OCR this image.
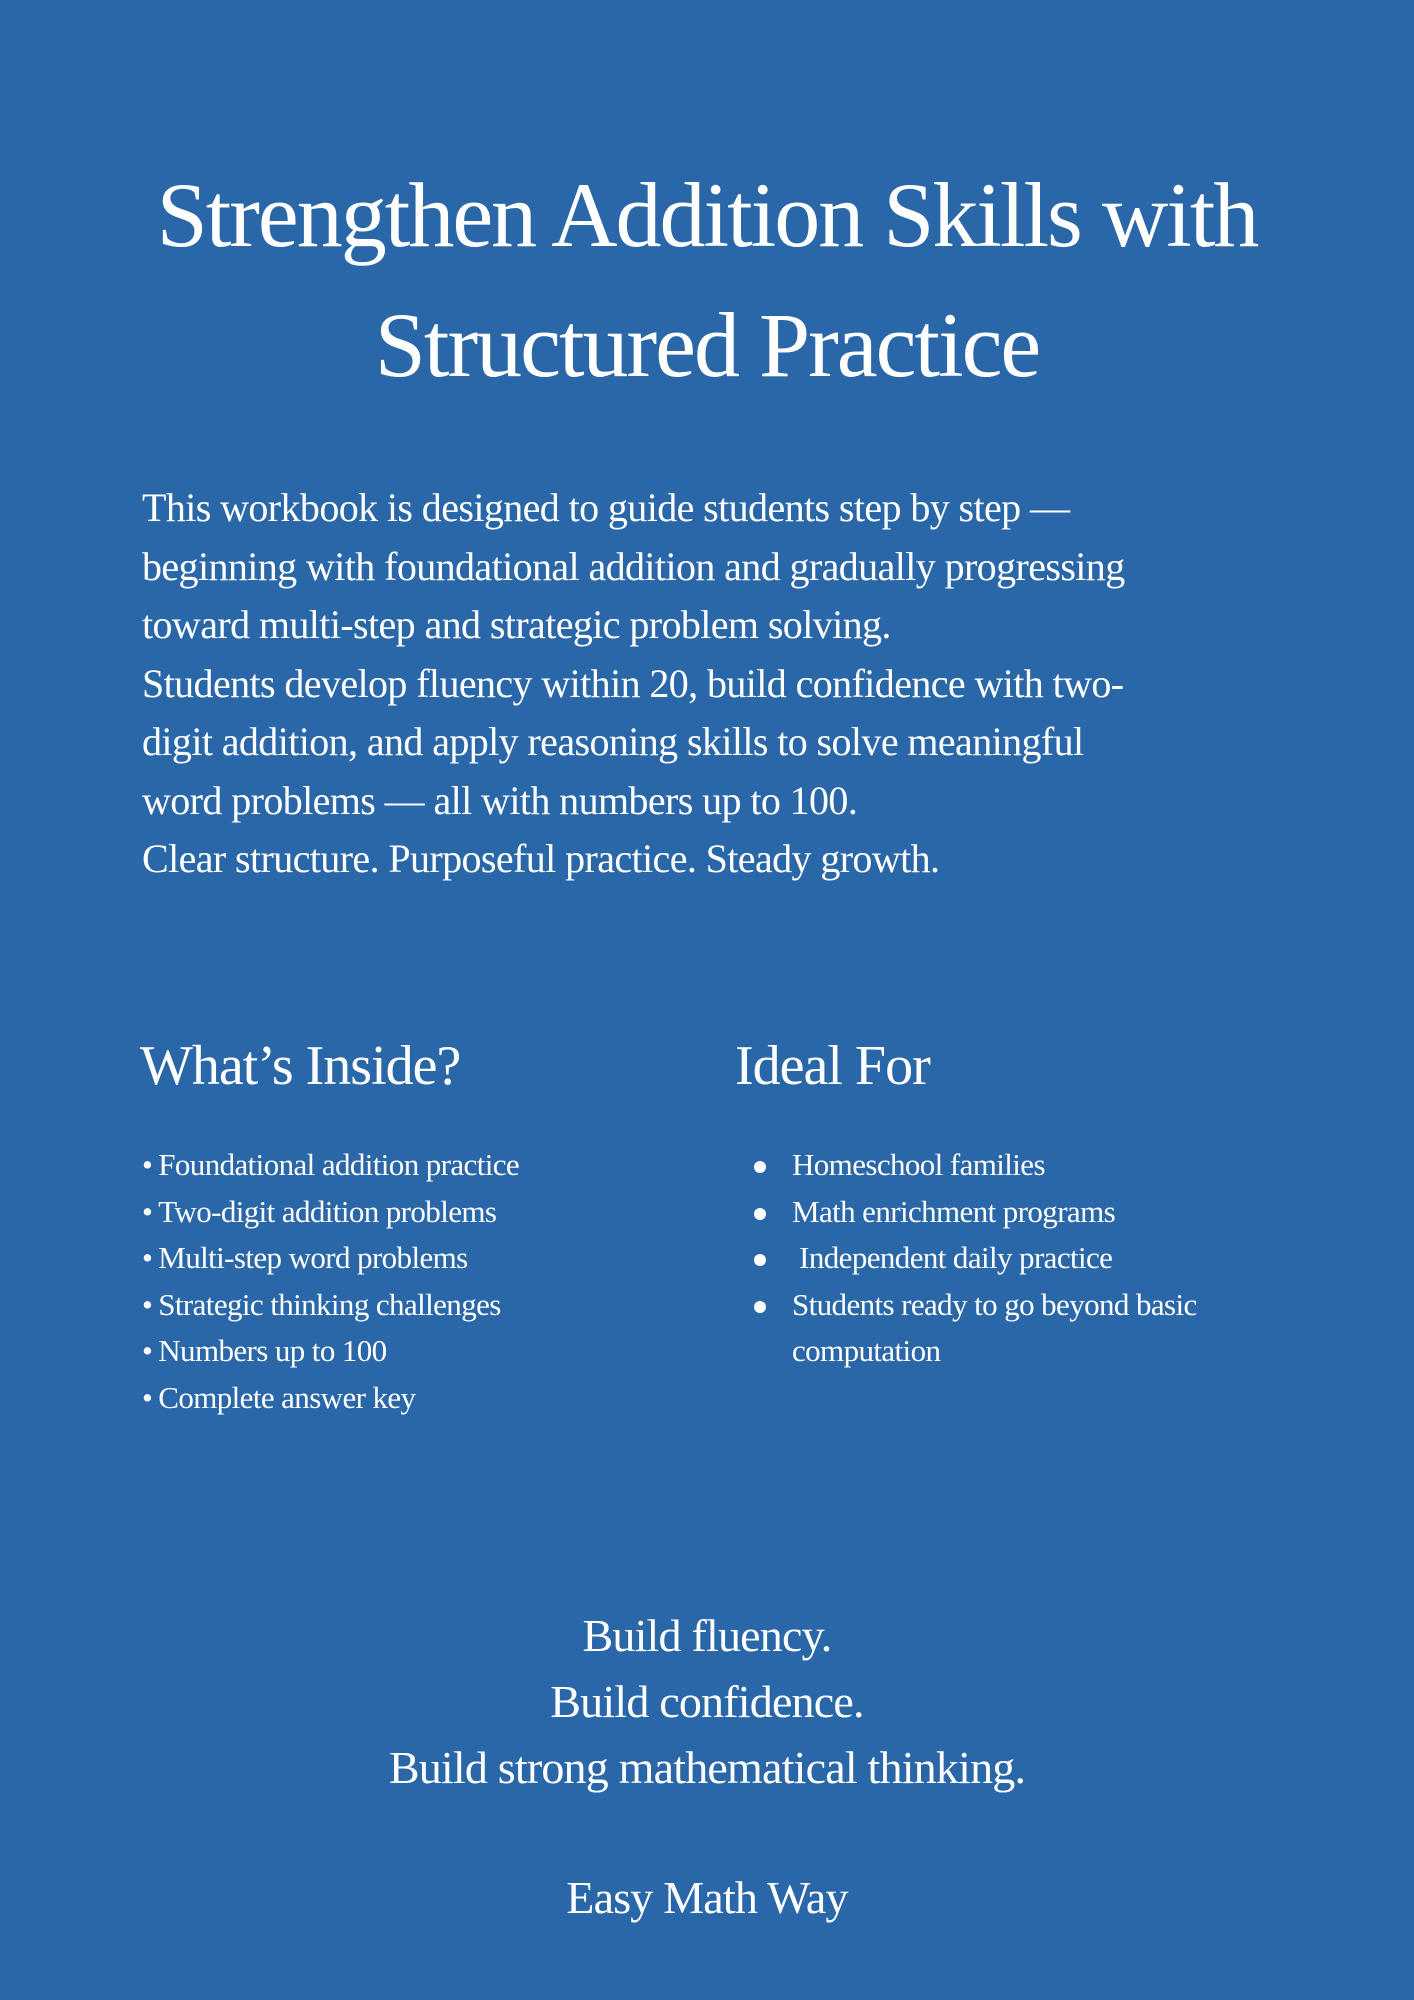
Strengthen Addition Skills with
Structured Practice

This workbook is designed to guide students step by step —
beginning with foundational addition and gradually progressing
toward multi-step and strategic problem solving.
Students develop fluency within 20, build confidence with two-
digit addition, and apply reasoning skills to solve meaningful
word problems — all with numbers up to 100.
Clear structure. Purposeful practice. Steady growth.

What’s Inside?
• Foundational addition practice
• Two-digit addition problems
• Multi-step word problems
• Strategic thinking challenges
• Numbers up to 100
• Complete answer key
Ideal For
Homeschool families
Math enrichment programs
Independent daily practice
Students ready to go beyond basic computation
Build fluency.
Build confidence.
Build strong mathematical thinking.
Easy Math Way
